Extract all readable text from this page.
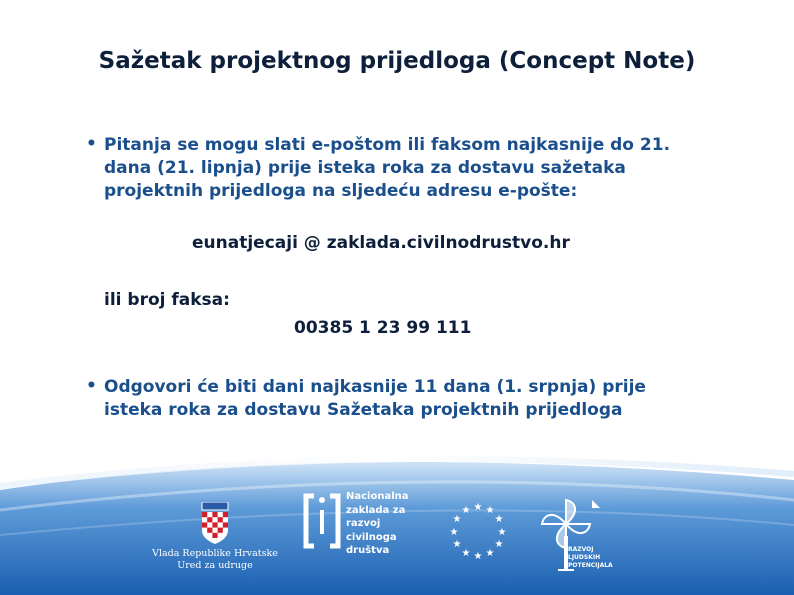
Sažetak projektnog prijedloga (Concept Note)
• Pitanja se mogu slati e-poštom ili faksom najkasnije do 21.
dana (21. lipnja) prije isteka roka za dostavu sažetaka
projektnih prijedloga na sljedeću adresu e-pošte:
eunatjecaji @ zaklada.civilnodrustvo.hr
ili broj faksa:
00385 1 23 99 111
• Odgovori će biti dani najkasnije 11 dana (1. srpnja) prije
isteka roka za dostavu Sažetaka projektnih prijedloga
Vlada Republike Hrvatske
Ured za udruge
Nacionalna
zaklada za
razvoj
civilnoga
društva
★ ★
★
★
★
★
★
★
★
★
★
★
RAZVOJ
LJUDSKIH
POTENCIJALA
